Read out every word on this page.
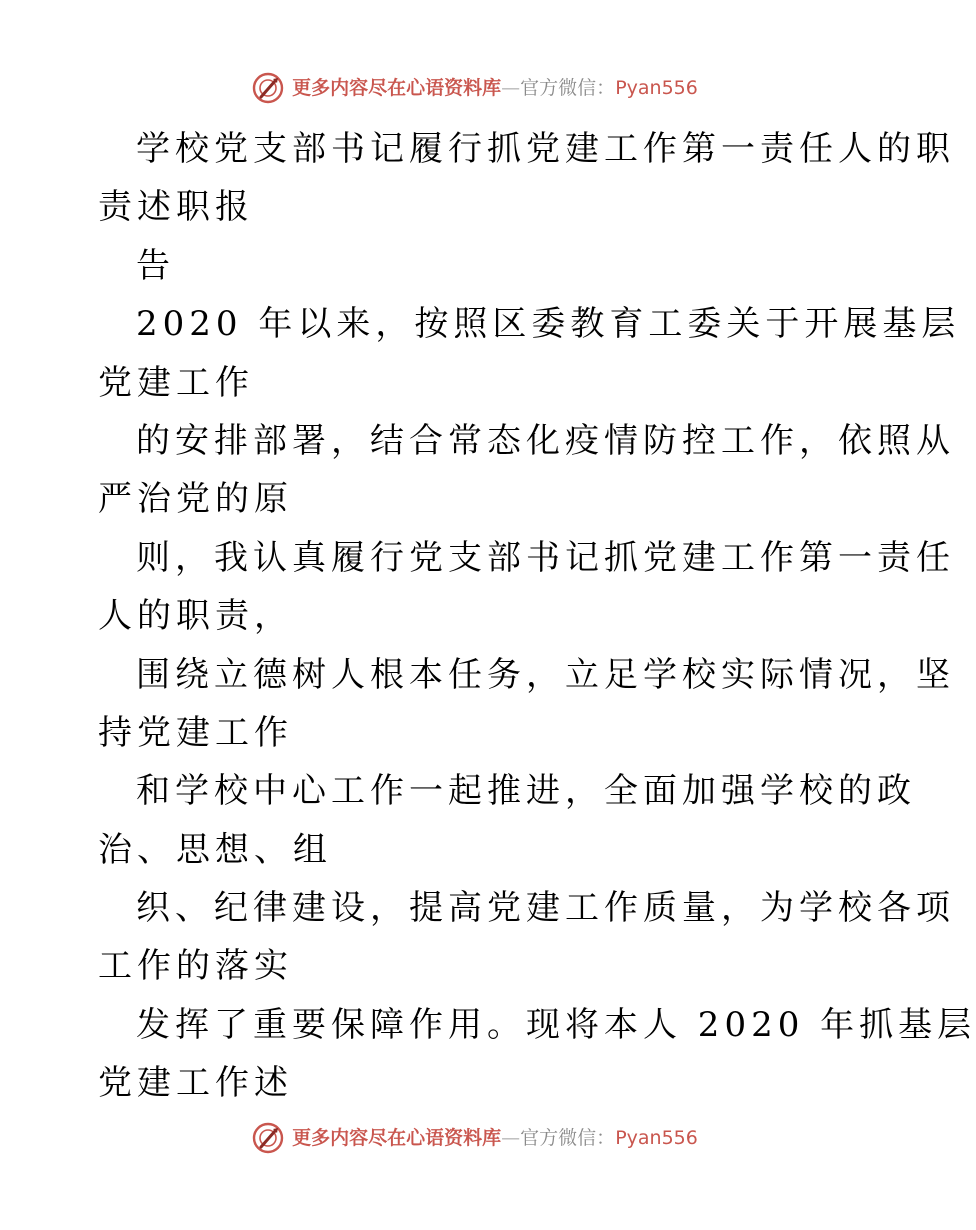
更多内容尽在心语资料库—官方微信：Pyan556
学校党支部书记履行抓党建工作第一责任人的职
责述职报
告
2020 年以来，按照区委教育工委关于开展基层
党建工作
的安排部署，结合常态化疫情防控工作，依照从
严治党的原
则，我认真履行党支部书记抓党建工作第一责任
人的职责，
围绕立德树人根本任务，立足学校实际情况，坚
持党建工作
和学校中心工作一起推进，全面加强学校的政
治、思想、组
织、纪律建设，提高党建工作质量，为学校各项
工作的落实
发挥了重要保障作用。现将本人 2020 年抓基层
党建工作述
更多内容尽在心语资料库—官方微信：Pyan556
